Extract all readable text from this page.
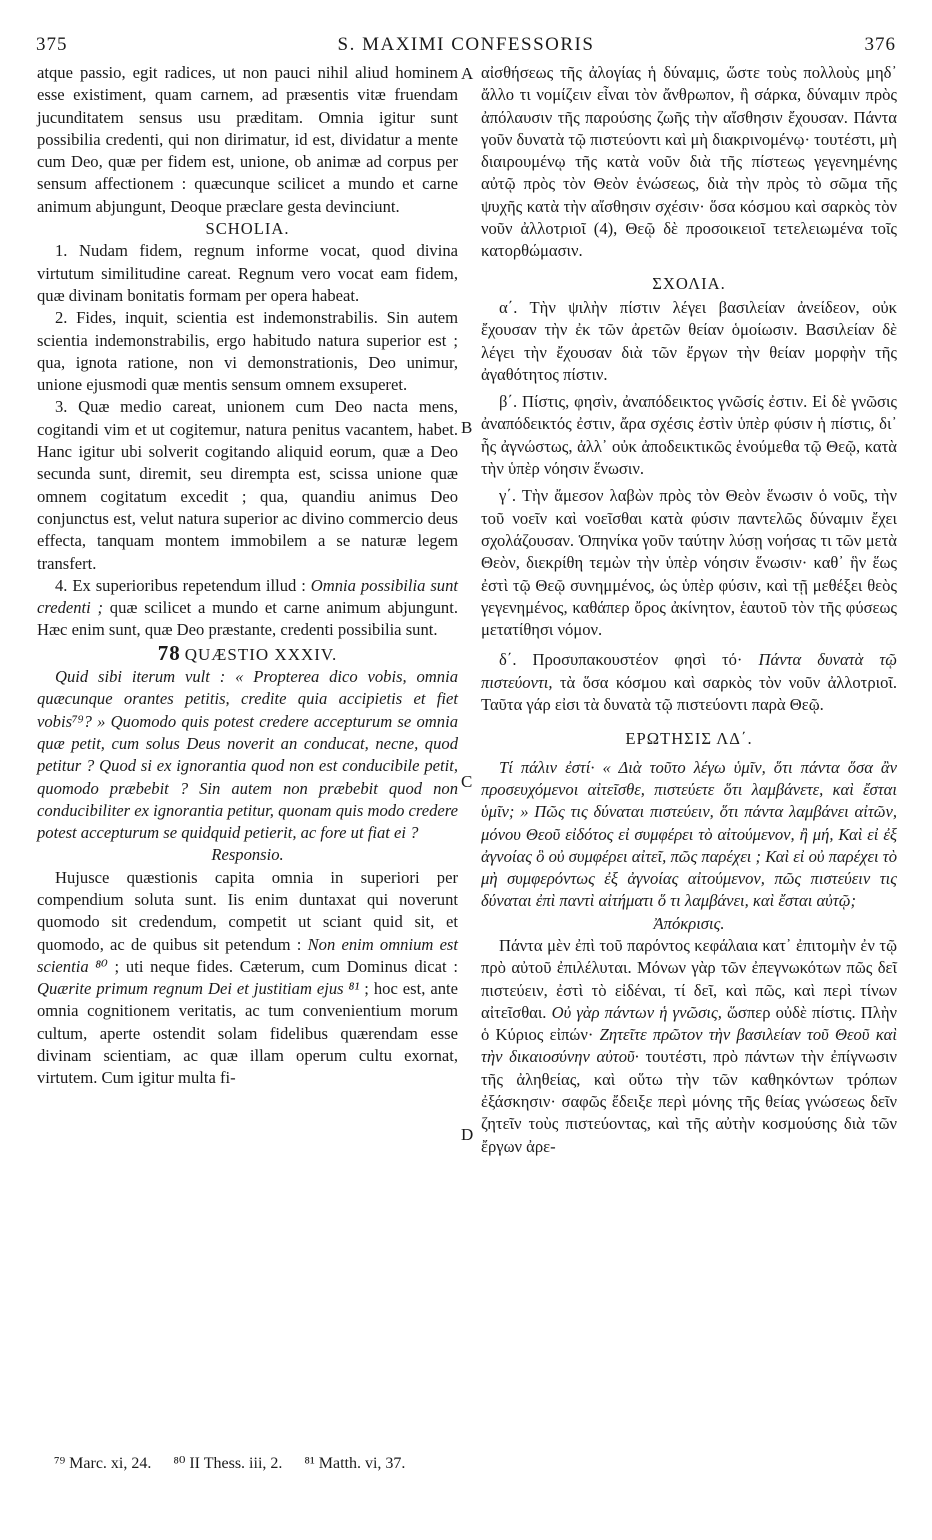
375	S. MAXIMI CONFESSORIS	376
A
B
C
D

atque passio, egit radices, ut non pauci nihil aliud hominem esse existiment, quam carnem, ad præsentis vitæ fruendam jucunditatem sensus usu præditam. Omnia igitur sunt possibilia credenti, qui non dirimatur, id est, dividatur a mente cum Deo, quæ per fidem est, unione, ob animæ ad corpus per sensum affectionem : quæcunque scilicet a mundo et carne animum abjungunt, Deoque præclare gesta devinciunt.

SCHOLIA.

1. Nudam fidem, regnum informe vocat, quod divina virtutum similitudine careat. Regnum vero vocat eam fidem, quæ divinam bonitatis formam per opera habeat.

2. Fides, inquit, scientia est indemonstrabilis. Sin autem scientia indemonstrabilis, ergo habitudo natura superior est ; qua, ignota ratione, non vi demonstrationis, Deo unimur, unione ejusmodi quæ mentis sensum omnem exsuperet.

3. Quæ medio careat, unionem cum Deo nacta mens, cogitandi vim et ut cogitemur, natura penitus vacantem, habet. Hanc igitur ubi solverit cogitando aliquid eorum, quæ a Deo secunda sunt, diremit, seu dirempta est, scissa unione quæ omnem cogitatum excedit ; qua, quandiu animus Deo conjunctus est, velut natura superior ac divino commercio deus effecta, tanquam montem immobilem a se naturæ legem transfert.

4. Ex superioribus repetendum illud : Omnia possibilia sunt credenti ; quæ scilicet a mundo et carne animum abjungunt. Hæc enim sunt, quæ Deo præstante, credenti possibilia sunt.

78 QUÆSTIO XXXIV.

Quid sibi iterum vult : « Propterea dico vobis, omnia quæcunque orantes petitis, credite quia accipietis et fiet vobis⁷⁹? » Quomodo quis potest credere accepturum se omnia quæ petit, cum solus Deus noverit an conducat, necne, quod petitur ? Quod si ex ignorantia quod non est conducibile petit, quomodo præbebit ? Sin autem non præbebit quod non conducibiliter ex ignorantia petitur, quonam quis modo credere potest accepturum se quidquid petierit, ac fore ut fiat ei ?

Responsio.

Hujusce quæstionis capita omnia in superiori per compendium soluta sunt. Iis enim duntaxat qui noverunt quomodo sit credendum, competit ut sciant quid sit, et quomodo, ac de quibus sit petendum : Non enim omnium est scientia ⁸⁰ ; uti neque fides. Cæterum, cum Dominus dicat : Quærite primum regnum Dei et justitiam ejus ⁸¹ ; hoc est, ante omnia cognitionem veritatis, ac tum convenientium morum cultum, aperte ostendit solam fidelibus quærendam esse divinam scientiam, ac quæ illam operum cultu exornat, virtutem. Cum igitur multa fi-

αἰσθήσεως τῆς ἀλογίας ἡ δύναμις, ὥστε τοὺς πολλοὺς μηδ᾽ ἄλλο τι νομίζειν εἶναι τὸν ἄνθρωπον, ἢ σάρκα, δύναμιν πρὸς ἀπόλαυσιν τῆς παρούσης ζωῆς τὴν αἴσθησιν ἔχουσαν. Πάντα γοῦν δυνατὰ τῷ πιστεύοντι καὶ μὴ διακρινομένῳ· τουτέστι, μὴ διαιρουμένῳ τῆς κατὰ νοῦν διὰ τῆς πίστεως γεγενημένης αὐτῷ πρὸς τὸν Θεὸν ἑνώσεως, διὰ τὴν πρὸς τὸ σῶμα τῆς ψυχῆς κατὰ τὴν αἴσθησιν σχέσιν· ὅσα κόσμου καὶ σαρκὸς τὸν νοῦν ἀλλοτριοῖ (4), Θεῷ δὲ προσοικειοῖ τετελειωμένα τοῖς κατορθώμασιν.

ΣΧΟΛΙΑ.

α΄. Τὴν ψιλὴν πίστιν λέγει βασιλείαν ἀνείδεον, οὐκ ἔχουσαν τὴν ἐκ τῶν ἀρετῶν θείαν ὁμοίωσιν. Βασιλείαν δὲ λέγει τὴν ἔχουσαν διὰ τῶν ἔργων τὴν θείαν μορφὴν τῆς ἀγαθότητος πίστιν.

β΄. Πίστις, φησὶν, ἀναπόδεικτος γνῶσίς ἐστιν. Εἰ δὲ γνῶσις ἀναπόδεικτός ἐστιν, ἄρα σχέσις ἐστὶν ὑπὲρ φύσιν ἡ πίστις, δι᾽ ἧς ἀγνώστως, ἀλλ᾽ οὐκ ἀποδεικτικῶς ἑνούμεθα τῷ Θεῷ, κατὰ τὴν ὑπὲρ νόησιν ἕνωσιν.

γ΄. Τὴν ἄμεσον λαβὼν πρὸς τὸν Θεὸν ἕνωσιν ὁ νοῦς, τὴν τοῦ νοεῖν καὶ νοεῖσθαι κατὰ φύσιν παντελῶς δύναμιν ἔχει σχολάζουσαν. Ὁπηνίκα γοῦν ταύτην λύσῃ νοήσας τι τῶν μετὰ Θεὸν, διεκρίθη τεμὼν τὴν ὑπὲρ νόησιν ἕνωσιν· καθ᾽ ἣν ἕως ἐστὶ τῷ Θεῷ συνημμένος, ὡς ὑπὲρ φύσιν, καὶ τῇ μεθέξει θεὸς γεγενημένος, καθάπερ ὄρος ἀκίνητον, ἑαυτοῦ τὸν τῆς φύσεως μετατίθησι νόμον.

δ΄. Προσυπακουστέον φησὶ τό· Πάντα δυνατὰ τῷ πιστεύοντι, τὰ ὅσα κόσμου καὶ σαρκὸς τὸν νοῦν ἀλλοτριοῖ. Ταῦτα γάρ εἰσι τὰ δυνατὰ τῷ πιστεύοντι παρὰ Θεῷ.

ΕΡΩΤΗΣΙΣ ΛΔ΄.

Τί πάλιν ἐστί· « Διὰ τοῦτο λέγω ὑμῖν, ὅτι πάντα ὅσα ἂν προσευχόμενοι αἰτεῖσθε, πιστεύετε ὅτι λαμβάνετε, καὶ ἔσται ὑμῖν; » Πῶς τις δύναται πιστεύειν, ὅτι πάντα λαμβάνει αἰτῶν, μόνου Θεοῦ εἰδότος εἰ συμφέρει τὸ αἰτούμενον, ἢ μή, Καὶ εἰ ἐξ ἀγνοίας ὃ οὐ συμφέρει αἰτεῖ, πῶς παρέχει ; Καὶ εἰ οὐ παρέχει τὸ μὴ συμφερόντως ἐξ ἀγνοίας αἰτούμενον, πῶς πιστεύειν τις δύναται ἐπὶ παντὶ αἰτήματι ὅ τι λαμβάνει, καὶ ἔσται αὐτῷ;

Ἀπόκρισις.

Πάντα μὲν ἐπὶ τοῦ παρόντος κεφάλαια κατ᾽ ἐπιτομὴν ἐν τῷ πρὸ αὐτοῦ ἐπιλέλυται. Μόνων γὰρ τῶν ἐπεγνωκότων πῶς δεῖ πιστεύειν, ἐστὶ τὸ εἰδέναι, τί δεῖ, καὶ πῶς, καὶ περὶ τίνων αἰτεῖσθαι. Οὐ γὰρ πάντων ἡ γνῶσις, ὥσπερ οὐδὲ πίστις. Πλὴν ὁ Κύριος εἰπών· Ζητεῖτε πρῶτον τὴν βασιλείαν τοῦ Θεοῦ καὶ τὴν δικαιοσύνην αὐτοῦ· τουτέστι, πρὸ πάντων τὴν ἐπίγνωσιν τῆς ἀληθείας, καὶ οὕτω τὴν τῶν καθηκόντων τρόπων ἐξάσκησιν· σαφῶς ἔδειξε περὶ μόνης τῆς θείας γνώσεως δεῖν ζητεῖν τοὺς πιστεύοντας, καὶ τῆς αὐτὴν κοσμούσης διὰ τῶν ἔργων ἀρε-

⁷⁹ Marc. xi, 24. ⁸⁰ II Thess. iii, 2. ⁸¹ Matth. vi, 37.
